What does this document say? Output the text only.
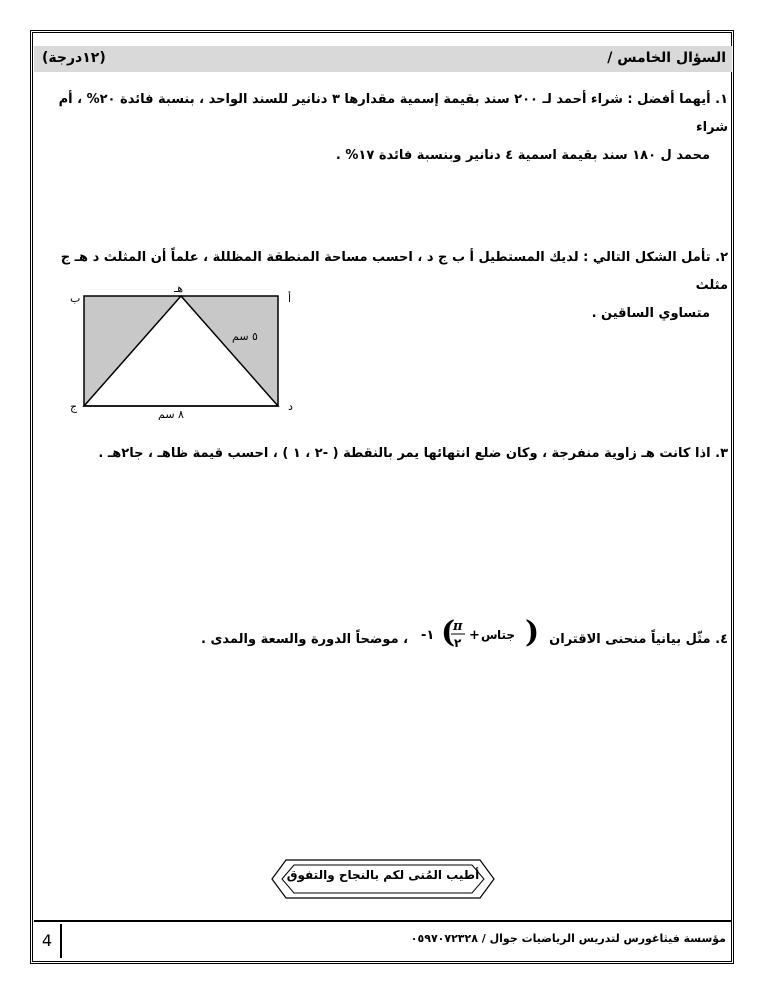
السؤال الخامس /
(١٢درجة)
١. أيهما أفضل : شراء أحمد لـ ٢٠٠ سند بقيمة إسمية مقدارها ٣ دنانير للسند الواحد ، بنسبة فائدة ٢٠% ، أم شراء
محمد ل ١٨٠ سند بقيمة اسمية ٤ دنانير وبنسبة فائدة ١٧% .
٢. تأمل الشكل التالي : لديك المستطيل أ ب ج د ، احسب مساحة المنطقة المظللة ، علماً أن المثلث د هـ ج مثلث
متساوي الساقين .
أ
ب
ج	د
هـ
٥ سم
٨ سم
٣. اذا كانت هـ زاوية منفرجة ، وكان ضلع انتهائها يمر بالنقطة ( -٢ ، ١ ) ، احسب قيمة ظاهـ ، جا٢هـ .
٤. مثّل بيانياً منحنى الاقتران
-١ (
π
٢ + س جتا )
، موضحاً الدورة والسعة والمدى .
أطيب المُنى لكم بالنجاح والتفوق
مؤسسة فيثاغورس لتدريس الرياضيات جوال / ٠٥٩٧٠٧٢٣٢٨
4
